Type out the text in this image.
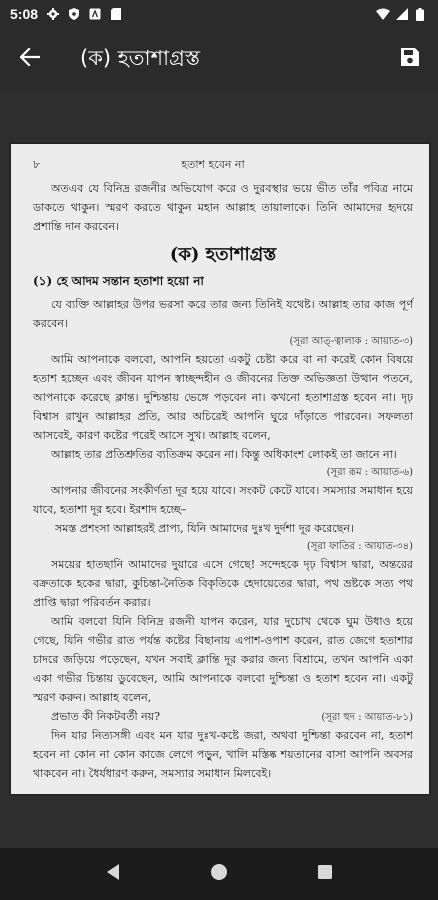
5:08
(ক) হতাশাগ্রস্ত
৮	হতাশ হবেন না

অতএব যে বিনিদ্র রজনীর অভিযোগ করে ও দুরবস্থার ভয়ে ভীত তাঁর পবিত্র নামে ডাকতে থাকুন। স্মরণ করতে থাকুন মহান আল্লাহ তায়ালাকে। তিনি আমাদের হৃদয়ে প্রশান্তি দান করবেন।

(ক) হতাশাগ্রস্ত
(১) হে আদম সন্তান হতাশা হয়ো না

যে ব্যক্তি আল্লাহর উপর ভরসা করে তার জন্য তিনিই যথেষ্ট। আল্লাহ তার কাজ পূর্ণ করবেন।

(সূরা আত্-ত্বালাক : আয়াত-৩)

আমি আপনাকে বলবো, আপনি হয়তো একটু চেষ্টা করে বা না করেই কোন বিষয়ে হতাশ হচ্ছেন এবং জীবন যাপন স্বাচ্ছন্দহীন ও জীবনের তিক্ত অভিজ্ঞতা উত্থান পতনে, আপনাকে করেছে ক্লান্ত। দুশ্চিন্তায় ভেঙ্গে পড়বেন না। কখনো হতাশাগ্রস্ত হবেন না। দৃঢ় বিশ্বাস রাখুন আল্লাহর প্রতি, আর অচিরেই আপনি ঘুরে দাঁড়াতে পারবেন। সফলতা আসবেই, কারণ কষ্টের পরেই আসে সুখ। আল্লাহ বলেন,

আল্লাহ তার প্রতিশ্রুতির ব্যতিক্রম করেন না। কিন্তু অধিকাংশ লোকই তা জানে না।

(সূরা রূম : আয়াত-৬)

আপনার জীবনের সংকীর্ণতা দূর হয়ে যাবে। সংকট কেটে যাবে। সমস্যার সমাধান হয়ে যাবে, হতাশা দূর হবে। ইরশাদ হচ্ছে–

সমস্ত প্রশংসা আল্লাহরই প্রাপ্য, যিনি আমাদের দুঃখ দুর্দশা দূর করেছেন।

(সূরা ফাতির : আয়াত-৩৪)

সময়ের হাতছানি আমাদের দুয়ারে এসে গেছে! সন্দেহকে দৃঢ় বিশ্বাস দ্বারা, অন্তরের বক্রতাকে হকের দ্বারা, কুচিন্তা-নৈতিক বিকৃতিকে হেদায়েতের দ্বারা, পথ ভ্রষ্টকে সত্য পথ প্রাপ্তি দ্বারা পরিবর্তন করার।

আমি বলবো যিনি বিনিদ্র রজনী যাপন করেন, যার দুচোখ থেকে ঘুম উধাও হয়ে গেছে, যিনি গভীর রাত পর্যন্ত কষ্টের বিছানায় এপাশ-ওপাশ করেন, রাত জেগে হতাশার চাদরে জড়িয়ে পড়েছেন, যখন সবাই ক্লান্তি দূর করার জন্য বিশ্রামে, তখন আপনি একা একা গভীর চিন্তায় ডুবেছেন, আমি আপনাকে বলবো দুশ্চিন্তা ও হতাশ হবেন না। একটু স্মরণ করুন। আল্লাহ বলেন,

প্রভাত কী নিকটবর্তী নয়?	(সূরা হুদ : আয়াত-৮১)

দিন যার নিত্যসঙ্গী এবং মন যার দুঃখ-কষ্টে জরা, অথবা দুশ্চিন্তা করবেন না, হতাশ হবেন না কোন না কোন কাজে লেগে পড়ুন, খালি মস্তিষ্ক শয়তানের বাসা আপনি অবসর থাকবেন না। ধৈর্যধারণ করুন, সমস্যার সমাধান মিলবেই।
